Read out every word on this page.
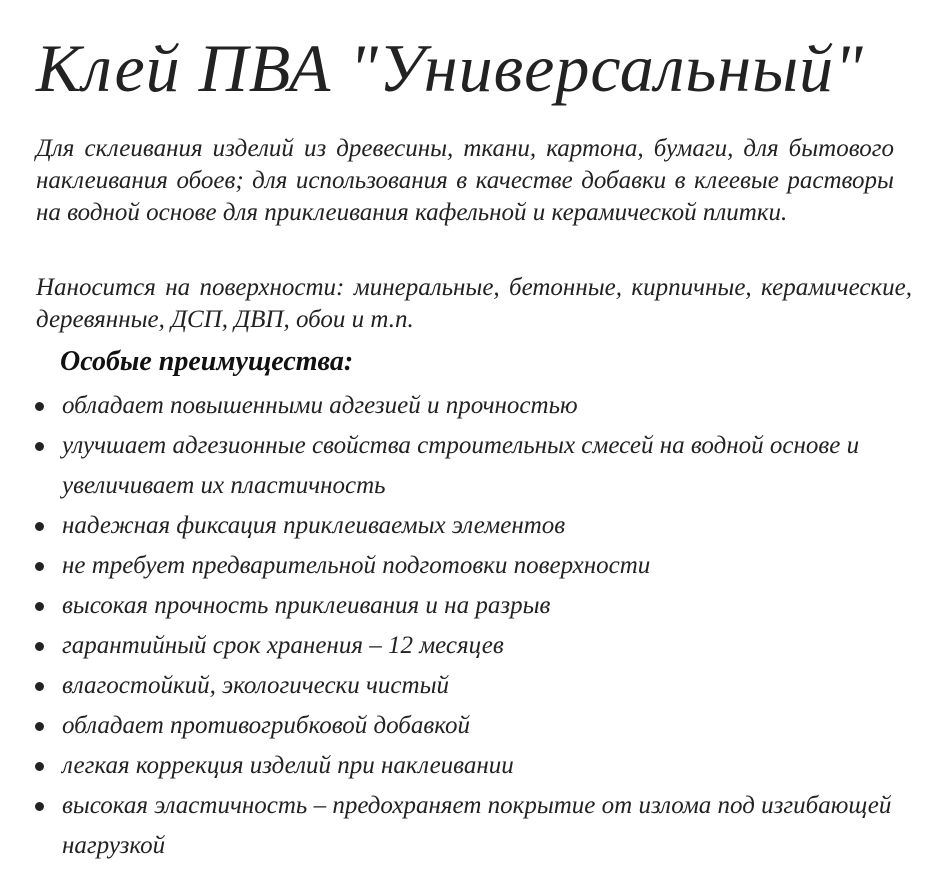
Клей ПВА "Универсальный"

Для склеивания изделий из древесины, ткани, картона, бумаги, для бытового наклеивания обоев; для использования в качестве добавки в клеевые растворы на водной основе для приклеивания кафельной и керамической плитки.

Наносится на поверхности: минеральные, бетонные, кирпичные, керамические, деревянные, ДСП, ДВП, обои и т.п.

Особые преимущества:
обладает повышенными адгезией и прочностью
улучшает адгезионные свойства строительных смесей на водной основе и увеличивает их пластичность
надежная фиксация приклеиваемых элементов
не требует предварительной подготовки поверхности
высокая прочность приклеивания и на разрыв
гарантийный срок хранения – 12 месяцев
влагостойкий, экологически чистый
обладает противогрибковой добавкой
легкая коррекция изделий при наклеивании
высокая эластичность – предохраняет покрытие от излома под изгибающей нагрузкой
